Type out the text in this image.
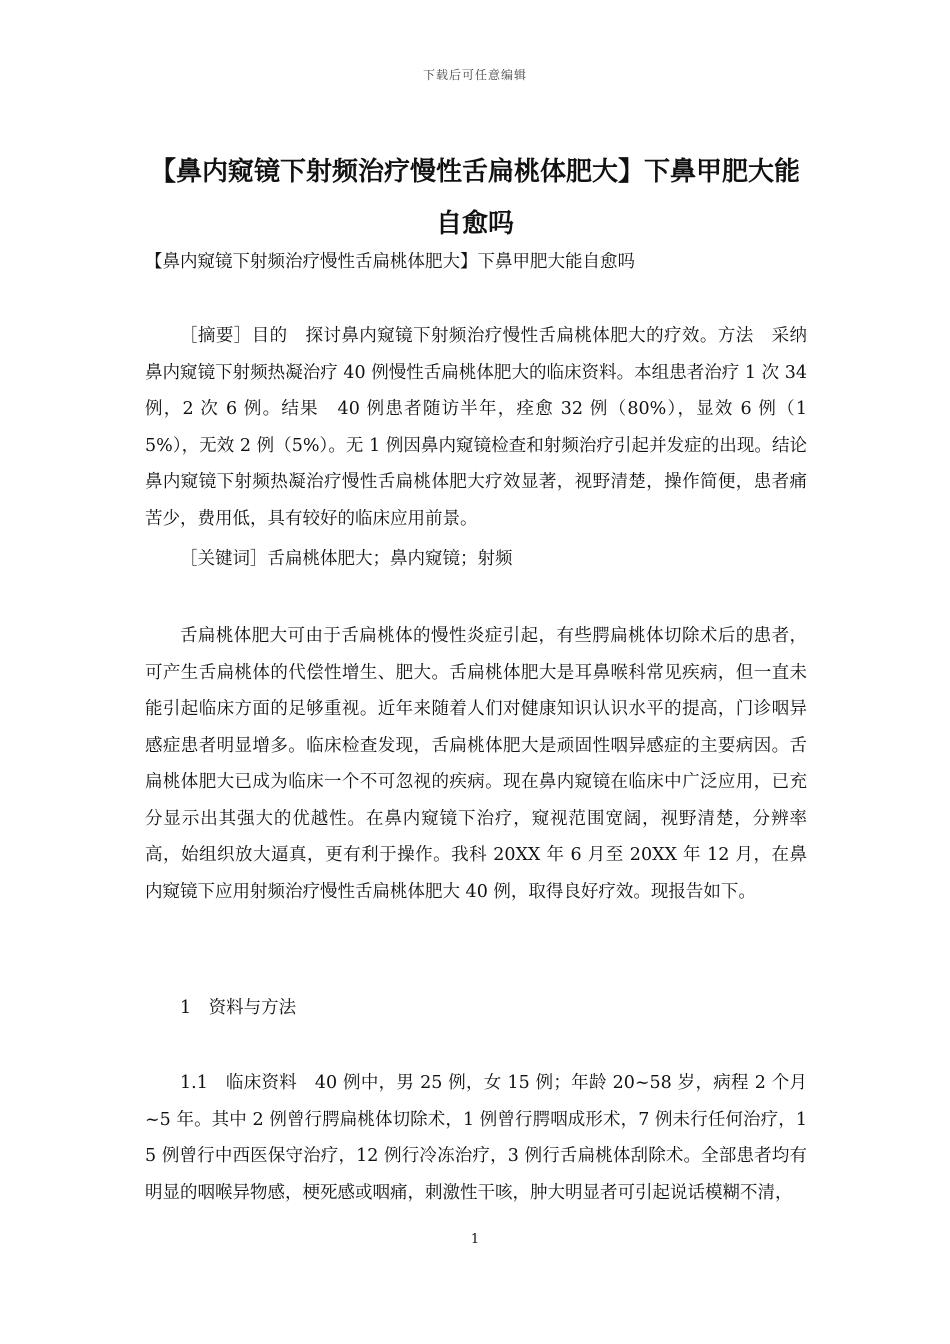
下载后可任意编辑
【鼻内窥镜下射频治疗慢性舌扁桃体肥大】下鼻甲肥大能自愈吗
【鼻内窥镜下射频治疗慢性舌扁桃体肥大】下鼻甲肥大能自愈吗
［摘要］目的　探讨鼻内窥镜下射频治疗慢性舌扁桃体肥大的疗效。方法　采纳鼻内窥镜下射频热凝治疗 40 例慢性舌扁桃体肥大的临床资料。本组患者治疗 1 次 34 例，2 次 6 例。结果　40 例患者随访半年，痊愈 32 例（80%），显效 6 例（15%），无效 2 例（5%）。无 1 例因鼻内窥镜检查和射频治疗引起并发症的出现。结论　鼻内窥镜下射频热凝治疗慢性舌扁桃体肥大疗效显著，视野清楚，操作简便，患者痛苦少，费用低，具有较好的临床应用前景。
［关键词］舌扁桃体肥大；鼻内窥镜；射频
舌扁桃体肥大可由于舌扁桃体的慢性炎症引起，有些腭扁桃体切除术后的患者，可产生舌扁桃体的代偿性增生、肥大。舌扁桃体肥大是耳鼻喉科常见疾病，但一直未能引起临床方面的足够重视。近年来随着人们对健康知识认识水平的提高，门诊咽异感症患者明显增多。临床检查发现，舌扁桃体肥大是顽固性咽异感症的主要病因。舌扁桃体肥大已成为临床一个不可忽视的疾病。现在鼻内窥镜在临床中广泛应用，已充分显示出其强大的优越性。在鼻内窥镜下治疗，窥视范围宽阔，视野清楚，分辨率高，始组织放大逼真，更有利于操作。我科 20XX 年 6 月至 20XX 年 12 月，在鼻内窥镜下应用射频治疗慢性舌扁桃体肥大 40 例，取得良好疗效。现报告如下。
1　资料与方法
1.1　临床资料　40 例中，男 25 例，女 15 例；年龄 20~58 岁，病程 2 个月~5 年。其中 2 例曾行腭扁桃体切除术，1 例曾行腭咽成形术，7 例未行任何治疗，15 例曾行中西医保守治疗，12 例行冷冻治疗，3 例行舌扁桃体刮除术。全部患者均有明显的咽喉异物感，梗死感或咽痛，刺激性干咳，肿大明显者可引起说话模糊不清，
1
